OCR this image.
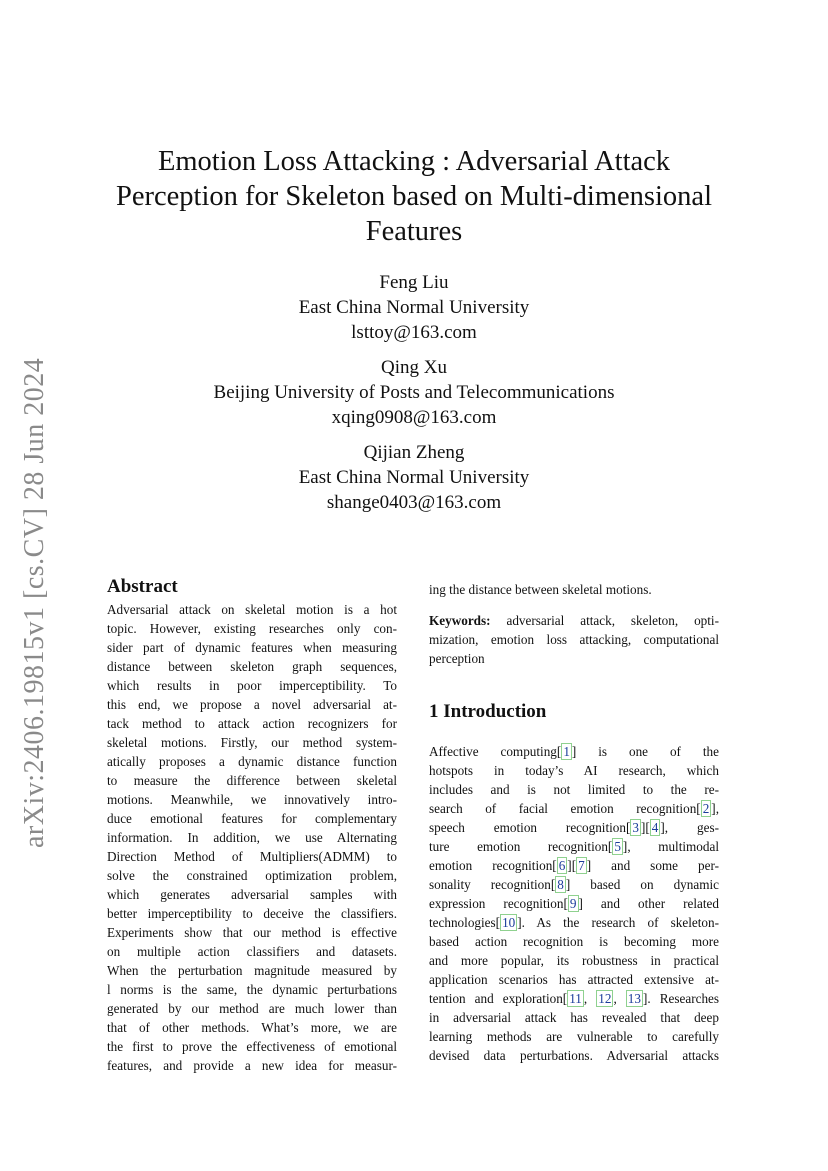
arXiv:2406.19815v1 [cs.CV] 28 Jun 2024
Emotion Loss Attacking : Adversarial Attack
Perception for Skeleton based on Multi-dimensional
Features
Feng Liu
East China Normal University
lsttoy@163.com
Qing Xu
Beijing University of Posts and Telecommunications
xqing0908@163.com
Qijian Zheng
East China Normal University
shange0403@163.com
Abstract
Adversarial attack on skeletal motion is a hot
topic. However, existing researches only con-
sider part of dynamic features when measuring
distance between skeleton graph sequences,
which results in poor imperceptibility. To
this end, we propose a novel adversarial at-
tack method to attack action recognizers for
skeletal motions. Firstly, our method system-
atically proposes a dynamic distance function
to measure the difference between skeletal
motions. Meanwhile, we innovatively intro-
duce emotional features for complementary
information. In addition, we use Alternating
Direction Method of Multipliers(ADMM) to
solve the constrained optimization problem,
which generates adversarial samples with
better imperceptibility to deceive the classifiers.
Experiments show that our method is effective
on multiple action classifiers and datasets.
When the perturbation magnitude measured by
l norms is the same, the dynamic perturbations
generated by our method are much lower than
that of other methods. What’s more, we are
the first to prove the effectiveness of emotional
features, and provide a new idea for measur-
ing the distance between skeletal motions.
Keywords: adversarial attack, skeleton, opti-
mization, emotion loss attacking, computational
perception
1 Introduction
Affective computing[ 1 ] is one of the
hotspots in today’s AI research, which
includes and is not limited to the re-
search of facial emotion recognition[ 2 ],
speech emotion recognition[ 3 ][ 4 ], ges-
ture emotion recognition[ 5 ], multimodal
emotion recognition[ 6 ][ 7 ] and some per-
sonality recognition[ 8 ] based on dynamic
expression recognition[ 9 ] and other related
technologies[ 10 ]. As the research of skeleton-
based action recognition is becoming more
and more popular, its robustness in practical
application scenarios has attracted extensive at-
tention and exploration[ 11 , 12 , 13 ]. Researches
in adversarial attack has revealed that deep
learning methods are vulnerable to carefully
devised data perturbations. Adversarial attacks
